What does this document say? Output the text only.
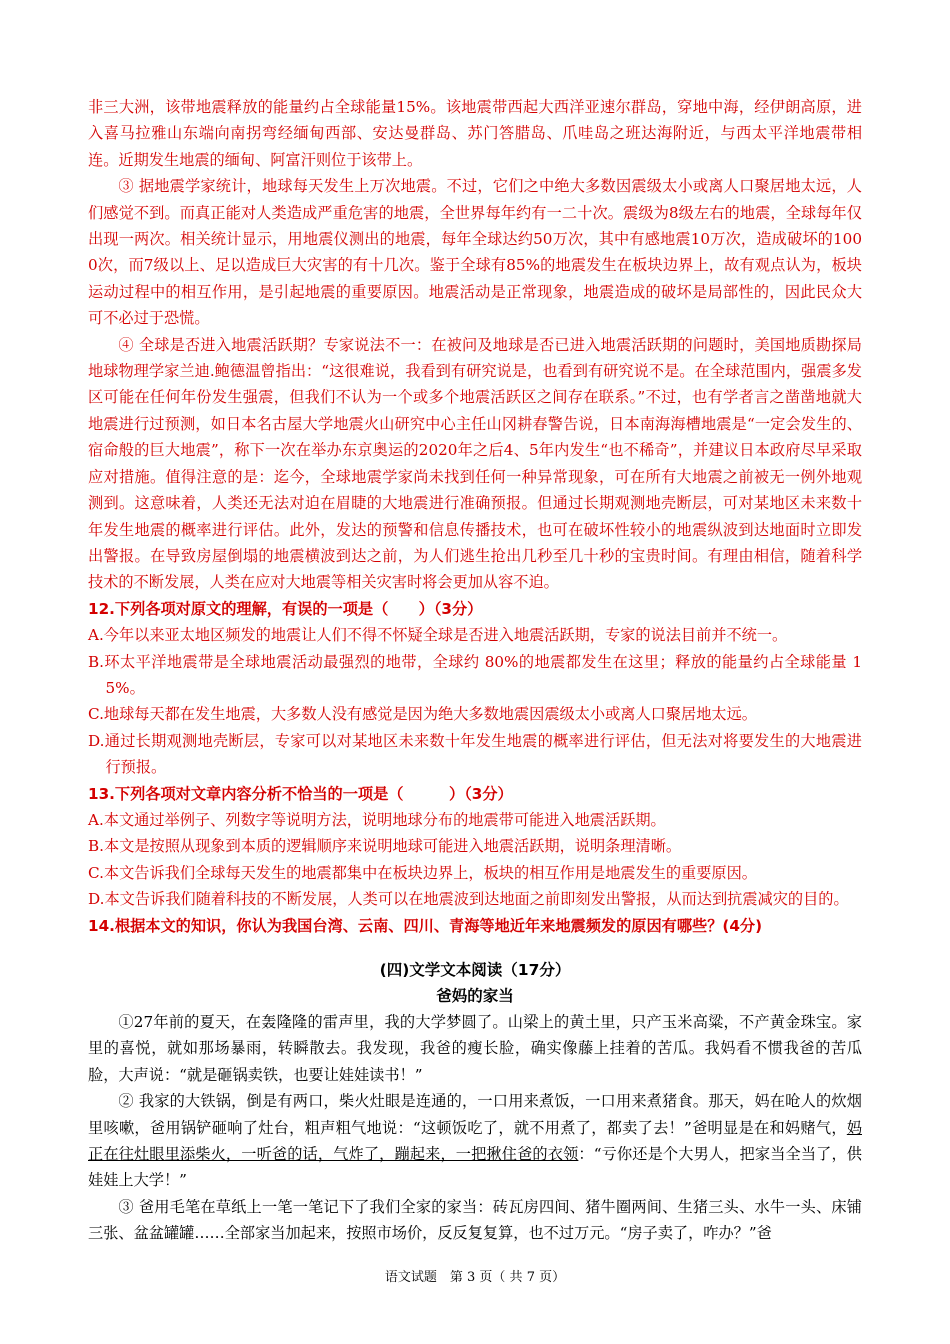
非三大洲，该带地震释放的能量约占全球能量15%。该地震带西起大西洋亚速尔群岛，穿地中海，经伊朗高原，进入喜马拉雅山东端向南拐弯经缅甸西部、安达曼群岛、苏门答腊岛、爪哇岛之班达海附近，与西太平洋地震带相连。近期发生地震的缅甸、阿富汗则位于该带上。

③ 据地震学家统计，地球每天发生上万次地震。不过，它们之中绝大多数因震级太小或离人口聚居地太远，人们感觉不到。而真正能对人类造成严重危害的地震，全世界每年约有一二十次。震级为8级左右的地震，全球每年仅出现一两次。相关统计显示，用地震仪测出的地震，每年全球达约50万次，其中有感地震10万次，造成破坏的1000次，而7级以上、足以造成巨大灾害的有十几次。鉴于全球有85%的地震发生在板块边界上，故有观点认为，板块运动过程中的相互作用，是引起地震的重要原因。地震活动是正常现象，地震造成的破坏是局部性的，因此民众大可不必过于恐慌。

④ 全球是否进入地震活跃期？专家说法不一：在被问及地球是否已进入地震活跃期的问题时，美国地质勘探局地球物理学家兰迪.鲍德温曾指出：“这很难说，我看到有研究说是，也看到有研究说不是。在全球范围内，强震多发区可能在任何年份发生强震，但我们不认为一个或多个地震活跃区之间存在联系。”不过，也有学者言之凿凿地就大地震进行过预测，如日本名古屋大学地震火山研究中心主任山冈耕春警告说，日本南海海槽地震是“一定会发生的、宿命般的巨大地震”，称下一次在举办东京奥运的2020年之后4、5年内发生“也不稀奇”，并建议日本政府尽早采取应对措施。值得注意的是：迄今，全球地震学家尚未找到任何一种异常现象，可在所有大地震之前被无一例外地观测到。这意味着，人类还无法对迫在眉睫的大地震进行准确预报。但通过长期观测地壳断层，可对某地区未来数十年发生地震的概率进行评估。此外，发达的预警和信息传播技术，也可在破坏性较小的地震纵波到达地面时立即发出警报。在导致房屋倒塌的地震横波到达之前，为人们逃生抢出几秒至几十秒的宝贵时间。有理由相信，随着科学技术的不断发展，人类在应对大地震等相关灾害时将会更加从容不迫。

12.下列各项对原文的理解，有误的一项是（　　）（3分）

A.今年以来亚太地区频发的地震让人们不得不怀疑全球是否进入地震活跃期，专家的说法目前并不统一。

B.环太平洋地震带是全球地震活动最强烈的地带，全球约 80%的地震都发生在这里；释放的能量约占全球能量 15%。

C.地球每天都在发生地震，大多数人没有感觉是因为绝大多数地震因震级太小或离人口聚居地太远。

D.通过长期观测地壳断层，专家可以对某地区未来数十年发生地震的概率进行评估，但无法对将要发生的大地震进行预报。

13.下列各项对文章内容分析不恰当的一项是（　　　）（3分）

A.本文通过举例子、列数字等说明方法，说明地球分布的地震带可能进入地震活跃期。

B.本文是按照从现象到本质的逻辑顺序来说明地球可能进入地震活跃期，说明条理清晰。

C.本文告诉我们全球每天发生的地震都集中在板块边界上，板块的相互作用是地震发生的重要原因。

D.本文告诉我们随着科技的不断发展，人类可以在地震波到达地面之前即刻发出警报，从而达到抗震减灾的目的。

14.根据本文的知识，你认为我国台湾、云南、四川、青海等地近年来地震频发的原因有哪些？(4分)

(四)文学文本阅读（17分）
爸妈的家当

①27年前的夏天，在轰隆隆的雷声里，我的大学梦圆了。山梁上的黄土里，只产玉米高粱，不产黄金珠宝。家里的喜悦，就如那场暴雨，转瞬散去。我发现，我爸的瘦长脸，确实像藤上挂着的苦瓜。我妈看不惯我爸的苦瓜脸，大声说：“就是砸锅卖铁，也要让娃娃读书！”

② 我家的大铁锅，倒是有两口，柴火灶眼是连通的，一口用来煮饭，一口用来煮猪食。那天，妈在呛人的炊烟里咳嗽，爸用锅铲砸响了灶台，粗声粗气地说：“这顿饭吃了，就不用煮了，都卖了去！”爸明显是在和妈赌气，妈正在往灶眼里添柴火，一听爸的话，气炸了，蹦起来，一把揪住爸的衣领：“亏你还是个大男人，把家当全当了，供娃娃上大学！”

③ 爸用毛笔在草纸上一笔一笔记下了我们全家的家当：砖瓦房四间、猪牛圈两间、生猪三头、水牛一头、床铺三张、盆盆罐罐……全部家当加起来，按照市场价，反反复复算，也不过万元。“房子卖了，咋办？”爸

语文试题　第 3 页（ 共 7 页）
